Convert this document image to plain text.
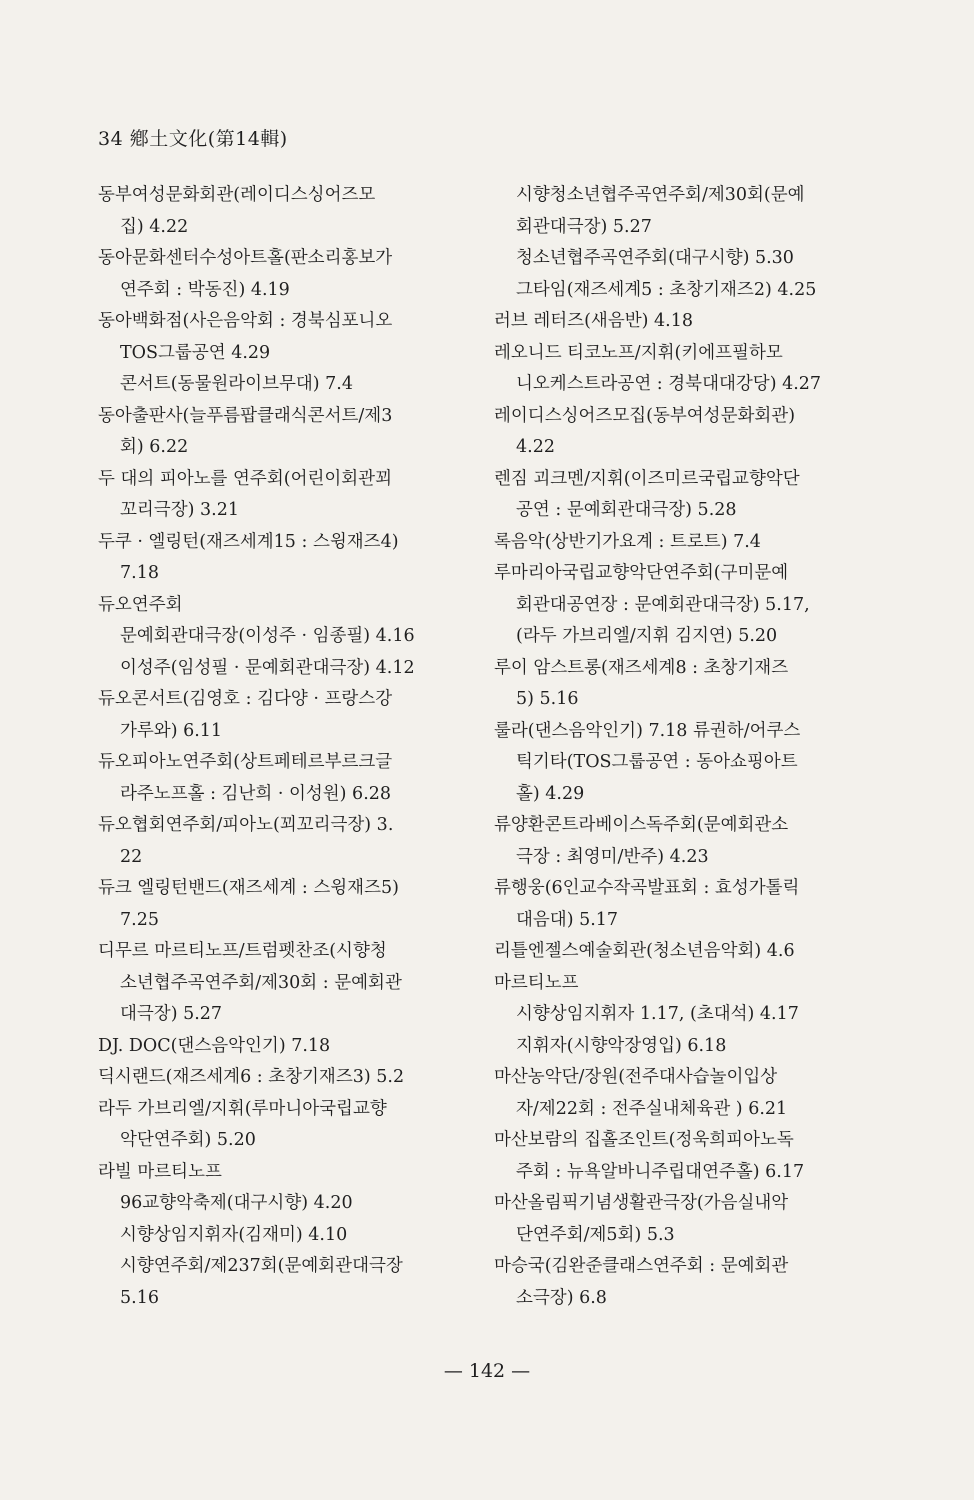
34 鄕土文化(第14輯)
동부여성문화회관(레이디스싱어즈모
집) 4.22
동아문화센터수성아트홀(판소리홍보가
연주회 : 박동진) 4.19
동아백화점(사은음악회 : 경북심포니오
TOS그룹공연 4.29
콘서트(동물원라이브무대) 7.4
동아출판사(늘푸름팝클래식콘서트/제3
회) 6.22
두 대의 피아노를 연주회(어린이회관꾀
꼬리극장) 3.21
두쿠 · 엘링턴(재즈세계15 : 스윙재즈4)
7.18
듀오연주회
문예회관대극장(이성주 · 임종필) 4.16
이성주(임성필 · 문예회관대극장) 4.12
듀오콘서트(김영호 : 김다양 · 프랑스강
가루와) 6.11
듀오피아노연주회(상트페테르부르크글
라주노프홀 : 김난희 · 이성원) 6.28
듀오협회연주회/피아노(꾀꼬리극장) 3.
22
듀크 엘링턴밴드(재즈세계 : 스윙재즈5)
7.25
디무르 마르티노프/트럼펫찬조(시향청
소년협주곡연주회/제30회 : 문예회관
대극장) 5.27
DJ. DOC(댄스음악인기) 7.18
딕시랜드(재즈세계6 : 초창기재즈3) 5.2
라두 가브리엘/지휘(루마니아국립교향
악단연주회) 5.20
라빌 마르티노프
96교향악축제(대구시향) 4.20
시향상임지휘자(김재미) 4.10
시향연주회/제237회(문예회관대극장
5.16
시향청소년협주곡연주회/제30회(문예
회관대극장) 5.27
청소년협주곡연주회(대구시향) 5.30
그타임(재즈세계5 : 초창기재즈2) 4.25
러브 레터즈(새음반) 4.18
레오니드 티코노프/지휘(키에프필하모
니오케스트라공연 : 경북대대강당) 4.27
레이디스싱어즈모집(동부여성문화회관)
4.22
렌짐 괴크멘/지휘(이즈미르국립교향악단
공연 : 문예회관대극장) 5.28
록음악(상반기가요계 : 트로트) 7.4
루마리아국립교향악단연주회(구미문예
회관대공연장 : 문예회관대극장) 5.17,
(라두 가브리엘/지휘 김지연) 5.20
루이 암스트롱(재즈세계8 : 초창기재즈
5) 5.16
룰라(댄스음악인기) 7.18 류권하/어쿠스
틱기타(TOS그룹공연 : 동아쇼핑아트
홀) 4.29
류양환콘트라베이스독주회(문예회관소
극장 : 최영미/반주) 4.23
류행웅(6인교수작곡발표회 : 효성가톨릭
대음대) 5.17
리틀엔젤스예술회관(청소년음악회) 4.6
마르티노프
시향상임지휘자 1.17, (초대석) 4.17
지휘자(시향악장영입) 6.18
마산농악단/장원(전주대사습놀이입상
자/제22회 : 전주실내체육관 ) 6.21
마산보람의 집홀조인트(정욱희피아노독
주회 : 뉴욕알바니주립대연주홀) 6.17
마산올림픽기념생활관극장(가음실내악
단연주회/제5회) 5.3
마승국(김완준클래스연주회 : 문예회관
소극장) 6.8
— 142 —
